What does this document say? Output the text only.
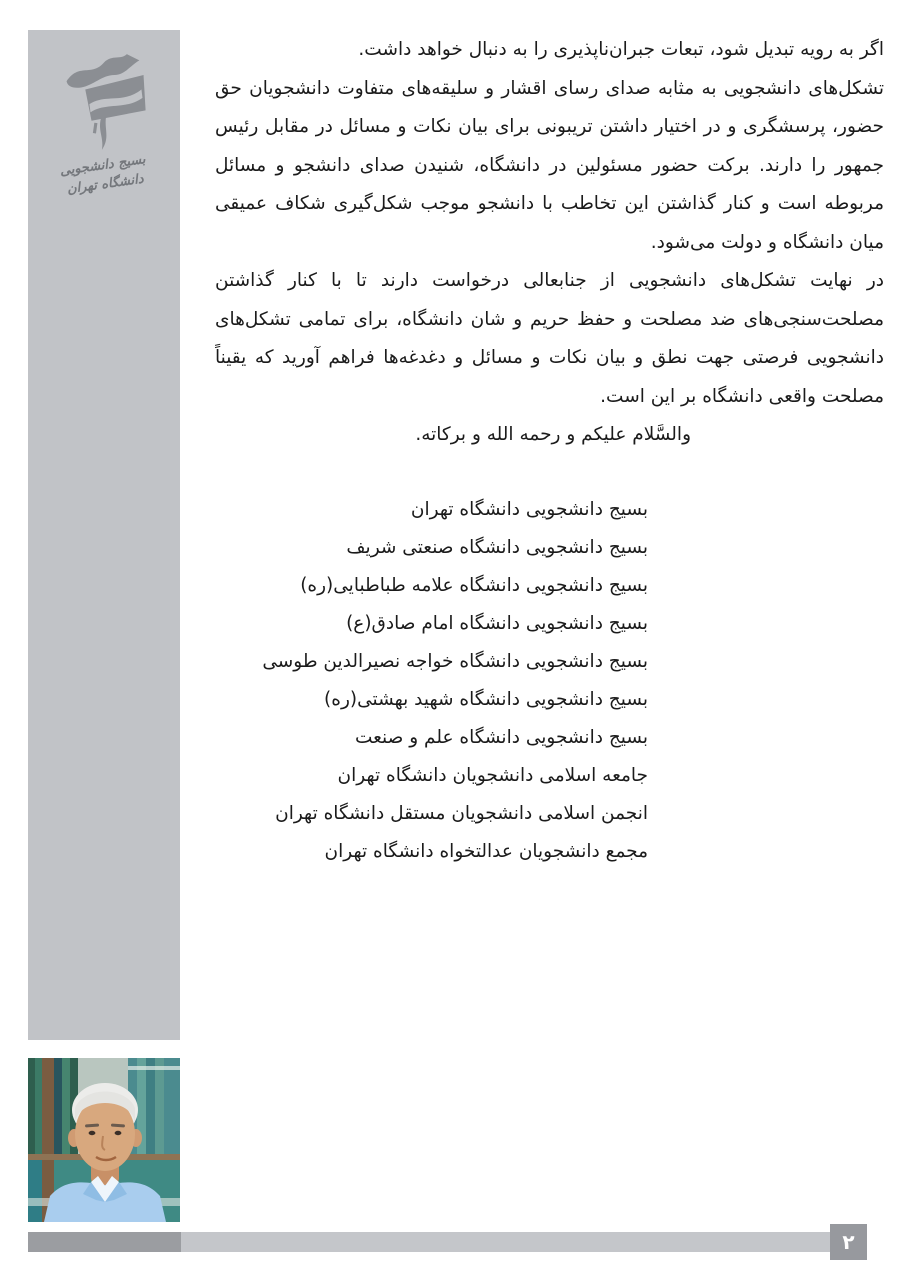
بسیج دانشجویی
دانشگاه تهران

اگر به رویه تبدیل شود، تبعات جبران‌ناپذیری را به دنبال خواهد داشت.

تشکل‌های دانشجویی به مثابه صدای رسای اقشار و سلیقه‌های متفاوت دانشجویان حق حضور، پرسشگری و در اختیار داشتن تریبونی برای بیان نکات و مسائل در مقابل رئیس جمهور را دارند. برکت حضور مسئولین در دانشگاه، شنیدن صدای دانشجو و مسائل مربوطه است و کنار گذاشتن این تخاطب با دانشجو موجب شکل‌گیری شکاف عمیقی میان دانشگاه و دولت می‌شود.

در نهایت تشکل‌های دانشجویی از جنابعالی درخواست دارند تا با کنار گذاشتن مصلحت‌سنجی‌های ضد مصلحت و حفظ حریم و شان دانشگاه، برای تمامی تشکل‌های دانشجویی فرصتی جهت نطق و بیان نکات و مسائل و دغدغه‌ها فراهم آورید که یقیناً مصلحت واقعی دانشگاه بر این است.

والسَّلام علیکم و رحمه الله و برکاته.

بسیج دانشجویی دانشگاه تهران
بسیج دانشجویی دانشگاه صنعتی شریف
بسیج دانشجویی دانشگاه علامه طباطبایی(ره)
بسیج دانشجویی دانشگاه امام صادق(ع)
بسیج دانشجویی دانشگاه خواجه نصیرالدین طوسی
بسیج دانشجویی دانشگاه شهید بهشتی(ره)
بسیج دانشجویی دانشگاه علم و صنعت
جامعه اسلامی دانشجویان دانشگاه تهران
انجمن اسلامی دانشجویان مستقل دانشگاه تهران
مجمع دانشجویان عدالتخواه دانشگاه تهران
۲
